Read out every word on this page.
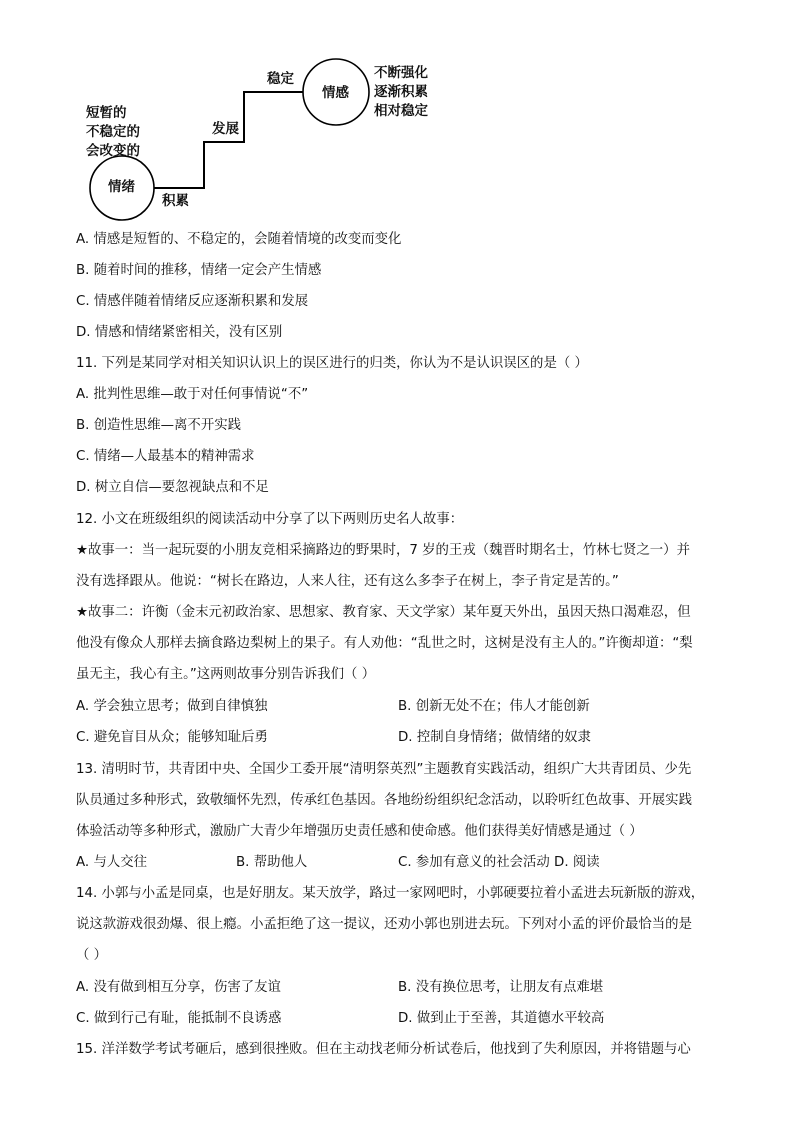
短暂的
不稳定的
会改变的
情绪
积累
发展
稳定
情感
不断强化
逐渐积累
相对稳定
A. 情感是短暂的、不稳定的，会随着情境的改变而变化
B. 随着时间的推移，情绪一定会产生情感
C. 情感伴随着情绪反应逐渐积累和发展
D. 情感和情绪紧密相关，没有区别
11. 下列是某同学对相关知识认识上的误区进行的归类，你认为不是认识误区的是（ ）
A. 批判性思维—敢于对任何事情说“不”
B. 创造性思维—离不开实践
C. 情绪—人最基本的精神需求
D. 树立自信—要忽视缺点和不足
12. 小文在班级组织的阅读活动中分享了以下两则历史名人故事：
★故事一：当一起玩耍的小朋友竞相采摘路边的野果时，7 岁的王戎（魏晋时期名士，竹林七贤之一）并
没有选择跟从。他说：“树长在路边，人来人往，还有这么多李子在树上，李子肯定是苦的。”
★故事二：许衡（金末元初政治家、思想家、教育家、天文学家）某年夏天外出，虽因天热口渴难忍，但
他没有像众人那样去摘食路边梨树上的果子。有人劝他：“乱世之时，这树是没有主人的。”许衡却道：“梨
虽无主，我心有主。”这两则故事分别告诉我们（ ）
A. 学会独立思考；做到自律慎独	B. 创新无处不在；伟人才能创新
C. 避免盲目从众；能够知耻后勇	D. 控制自身情绪；做情绪的奴隶
13. 清明时节，共青团中央、全国少工委开展“清明祭英烈”主题教育实践活动，组织广大共青团员、少先
队员通过多种形式，致敬缅怀先烈，传承红色基因。各地纷纷组织纪念活动，以聆听红色故事、开展实践
体验活动等多种形式，激励广大青少年增强历史责任感和使命感。他们获得美好情感是通过（ ）
A. 与人交往	B. 帮助他人	C. 参加有意义的社会活动 D. 阅读
14. 小郭与小孟是同桌，也是好朋友。某天放学，路过一家网吧时，小郭硬要拉着小孟进去玩新版的游戏，
说这款游戏很劲爆、很上瘾。小孟拒绝了这一提议，还劝小郭也别进去玩。下列对小孟的评价最恰当的是
（ ）
A. 没有做到相互分享，伤害了友谊	B. 没有换位思考，让朋友有点难堪
C. 做到行己有耻，能抵制不良诱惑	D. 做到止于至善，其道德水平较高
15. 洋洋数学考试考砸后，感到很挫败。但在主动找老师分析试卷后，他找到了失利原因，并将错题与心
